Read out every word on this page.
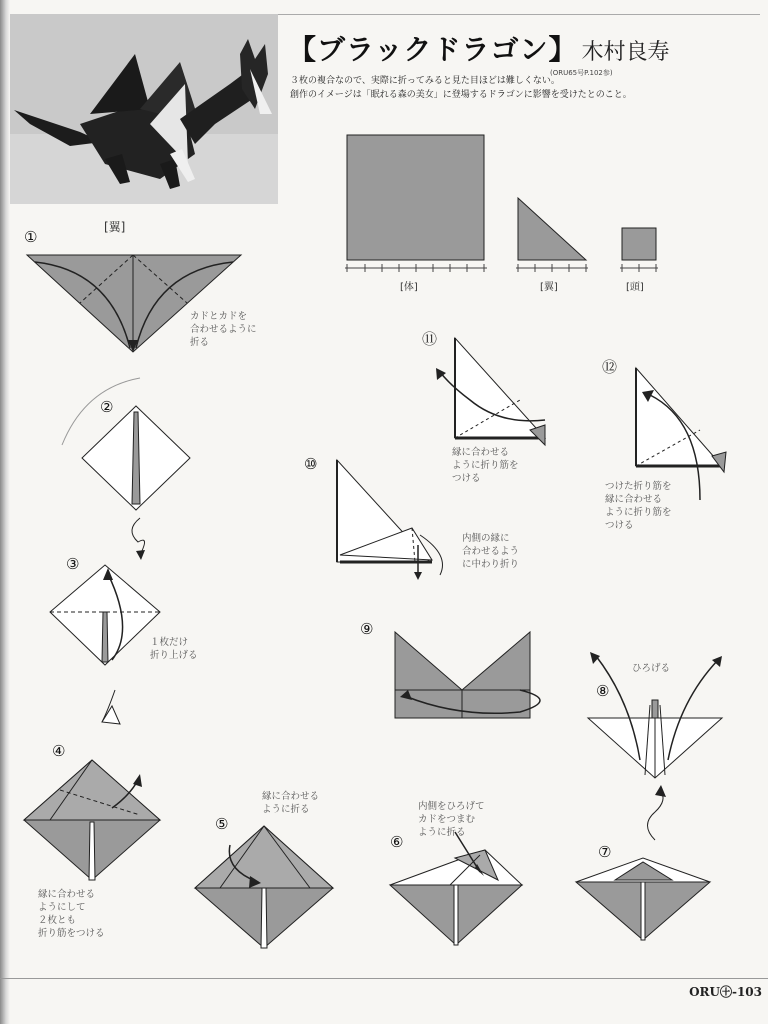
【ブラックドラゴン】 木村良寿
(ORU65号P.102参)
３枚の複合なので、実際に折ってみると見た目ほどは難しくない。
創作のイメージは「眠れる森の美女」に登場するドラゴンに影響を受けたとのこと。
[体]	[翼]	[頭]
[翼]
①
②
③
④
⑤
⑥
⑦
⑧
⑨
⑩
⑪
⑫
カドとカドを
合わせるように
折る
１枚だけ
折り上げる
縁に合わせる
ようにして
２枚とも
折り筋をつける
縁に合わせる
ように折る	内側をひろげて
カドをつまむ
ように折る
ひろげる
内側の縁に
合わせるよう
に中わり折り
縁に合わせる
ように折り筋を
つける
つけた折り筋を
縁に合わせる
ように折り筋を
つける
ORU㊉-103
